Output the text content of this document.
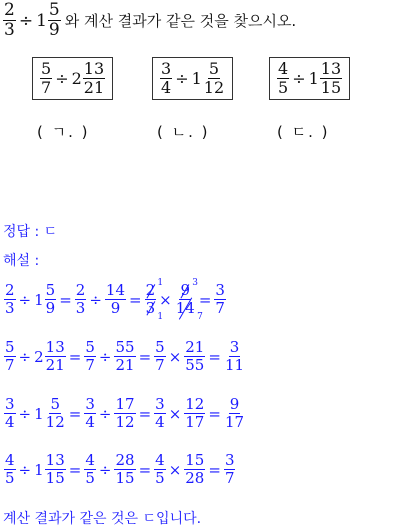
$\frac{2}{3} \div 1 \frac{5}{9}$ 와 계산 결과가 같은 것을 찾으시오.
$\frac{5}{7} \div 2 \frac{13}{21}$	$\frac{3}{4} \div 1 \frac{5}{12}$	$\frac{4}{5} \div 1 \frac{13}{15}$
( ㄱ. )	( ㄴ. )	( ㄷ. )
정답 : ㄷ
해설 :
$\frac{2}{3} \div 1 \frac{5}{9} = \frac{2}{3} \div \frac{14}{9} = \frac{2 1}{3 1} \times \frac{9 3}{14 7} = \frac{3}{7}$
$\frac{5}{7} \div 2 \frac{13}{21} = \frac{5}{7} \div \frac{55}{21} = \frac{5}{7} \times \frac{21}{55} = \frac{3}{11}$
$\frac{3}{4} \div 1 \frac{5}{12} = \frac{3}{4} \div \frac{17}{12} = \frac{3}{4} \times \frac{12}{17} = \frac{9}{17}$
$\frac{4}{5} \div 1 \frac{13}{15} = \frac{4}{5} \div \frac{28}{15} = \frac{4}{5} \times \frac{15}{28} = \frac{3}{7}$
계산 결과가 같은 것은 ㄷ입니다.
